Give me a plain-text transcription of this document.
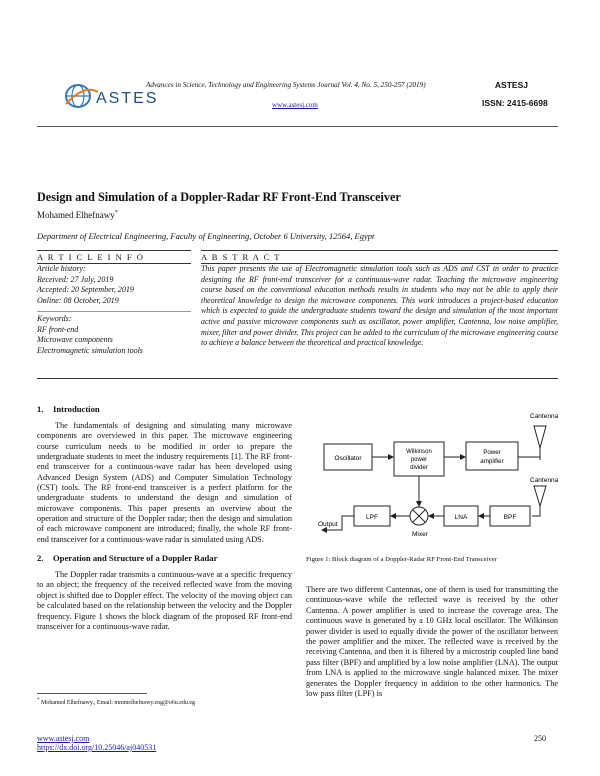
ASTES
Advances in Science, Technology and Engineering Systems Journal Vol. 4, No. 5, 250-257 (2019)
www.astesj.com
ASTESJ
ISSN: 2415-6698
Design and Simulation of a Doppler-Radar RF Front-End Transceiver
Mohamed Elhefnawy*
Department of Electrical Engineering, Faculty of Engineering, October 6 University, 12564, Egypt
A R T I C L E I N F O	A B S T R A C T
Article history:
Received: 27 July, 2019
Accepted: 20 September, 2019
Online: 08 October, 2019
Keywords:
RF front-end
Microwave components
Electromagnetic simulation tools
This paper presents the use of Electromagnetic simulation tools such as ADS and CST in order to practice designing the RF front-end transceiver for a continuous-wave radar. Teaching the microwave engineering course based on the conventional education methods results in students who may not be able to apply their theoretical knowledge to design the microwave components. This work introduces a project-based education which is expected to guide the undergraduate students toward the design and simulation of the most important active and passive microwave components such as oscillator, power amplifier, Cantenna, low noise amplifier, mixer, filter and power divider. This project can be added to the curriculum of the microwave engineering course to achieve a balance between the theoretical and practical knowledge.
1. Introduction

The fundamentals of designing and simulating many microwave components are overviewed in this paper. The microwave engineering course curriculum needs to be modified in order to prepare the undergraduate students to meet the industry requirements [1]. The RF front-end transceiver for a continuous-wave radar has been developed using Advanced Design System (ADS) and Computer Simulation Technology (CST) tools. The RF front-end transceiver is a perfect platform for the undergraduate students to understand the design and simulation of microwave components. This paper presents an overview about the operation and structure of the Doppler radar; then the design and simulation of each microwave component are introduced; finally, the whole RF front-end transceiver for a continuous-wave radar is simulated using ADS.

2. Operation and Structure of a Doppler Radar

The Doppler radar transmits a continuous-wave at a specific frequency to an object; the frequency of the received reflected wave from the moving object is shifted due to Doppler effect. The velocity of the moving object can be calculated based on the relationship between the velocity and the Doppler frequency. Figure 1 shows the block diagram of the proposed RF front-end transceiver for a continuous-wave radar.

Cantenna
Oscillator
Wilkinson
power
divider
Power
amplifier
Cantenna
BPF
LNA
Mixer
LPF
Output
Figure 1: Block diagram of a Doppler-Radar RF Front-End Transceiver

There are two different Cantennas, one of them is used for transmitting the continuous-wave while the reflected wave is received by the other Cantenna. A power amplifier is used to increase the coverage area. The continuous wave is generated by a 10 GHz local oscillator. The Wilkinson power divider is used to equally divide the power of the oscillator between the power amplifier and the mixer. The reflected wave is received by the receiving Cantenna, and then it is filtered by a microstrip coupled line band pass filter (BPF) and amplified by a low noise amplifier (LNA). The output from LNA is applied to the microwave single balanced mixer. The mixer generates the Doppler frequency in addition to the other harmonics. The low pass filter (LPF) is

* Mohamed Elhefnawy., Email: mmmelhefnawy.eng@o6u.edu.eg
www.astesj.com
https://dx.doi.org/10.25046/aj040531
250
